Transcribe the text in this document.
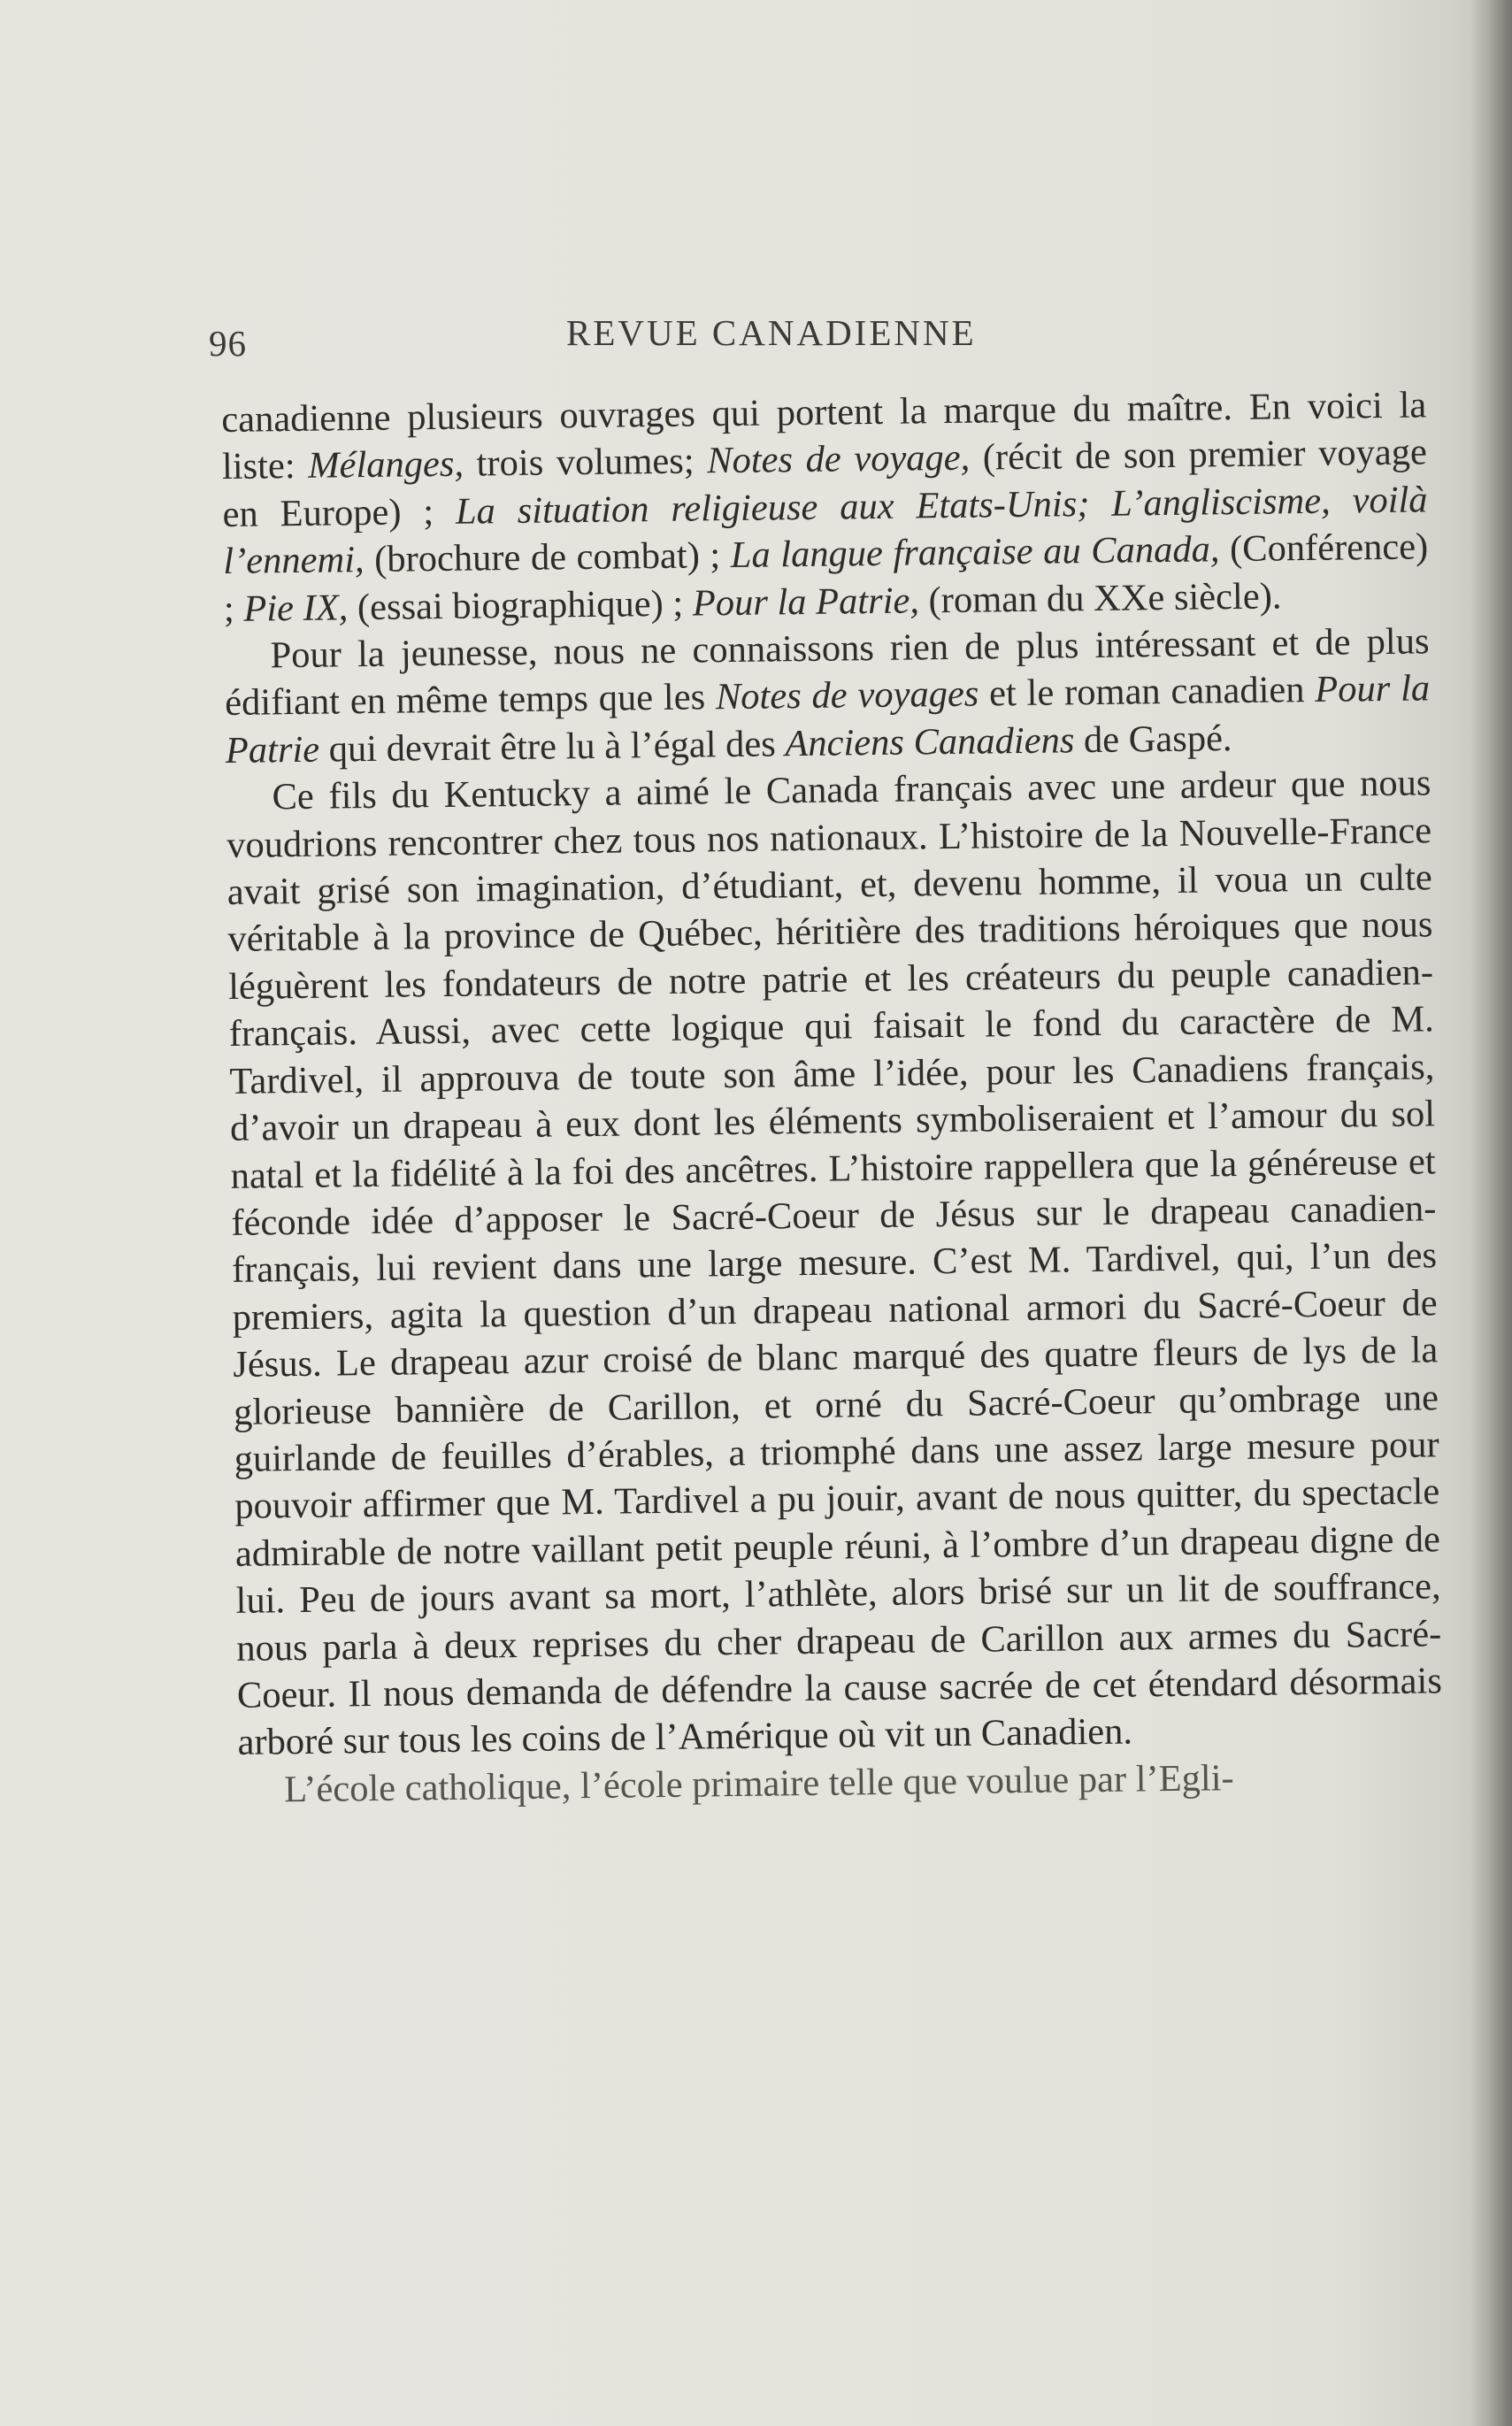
96	REVUE CANADIENNE

canadienne plusieurs ouvrages qui portent la marque du maître. En voici la liste: Mélanges, trois volumes; Notes de voyage, (récit de son premier voyage en Europe) ; La situation religieuse aux Etats-Unis; L’angliscisme, voilà l’ennemi, (brochure de combat) ; La langue française au Canada, (Conférence) ; Pie IX, (essai biographique) ; Pour la Patrie, (roman du XXe siècle).

Pour la jeunesse, nous ne connaissons rien de plus intéressant et de plus édifiant en même temps que les Notes de voyages et le roman canadien Pour la Patrie qui devrait être lu à l’égal des Anciens Canadiens de Gaspé.

Ce fils du Kentucky a aimé le Canada français avec une ardeur que nous voudrions rencontrer chez tous nos nationaux. L’histoire de la Nouvelle-France avait grisé son imagination, d’étudiant, et, devenu homme, il voua un culte véritable à la province de Québec, héritière des traditions héroiques que nous léguèrent les fondateurs de notre patrie et les créateurs du peuple canadien-français. Aussi, avec cette logique qui faisait le fond du caractère de M. Tardivel, il approuva de toute son âme l’idée, pour les Canadiens français, d’avoir un drapeau à eux dont les éléments symboliseraient et l’amour du sol natal et la fidélité à la foi des ancêtres. L’histoire rappellera que la généreuse et féconde idée d’apposer le Sacré-Coeur de Jésus sur le drapeau canadien-français, lui revient dans une large mesure. C’est M. Tardivel, qui, l’un des premiers, agita la question d’un drapeau national armori du Sacré-Coeur de Jésus. Le drapeau azur croisé de blanc marqué des quatre fleurs de lys de la glorieuse bannière de Carillon, et orné du Sacré-Coeur qu’ombrage une guirlande de feuilles d’érables, a triomphé dans une assez large mesure pour pouvoir affirmer que M. Tardivel a pu jouir, avant de nous quitter, du spectacle admirable de notre vaillant petit peuple réuni, à l’ombre d’un drapeau digne de lui. Peu de jours avant sa mort, l’athlète, alors brisé sur un lit de souffrance, nous parla à deux reprises du cher drapeau de Carillon aux armes du Sacré-Coeur. Il nous demanda de défendre la cause sacrée de cet étendard désormais arboré sur tous les coins de l’Amérique où vit un Canadien.

L’école catholique, l’école primaire telle que voulue par l’Egli-
